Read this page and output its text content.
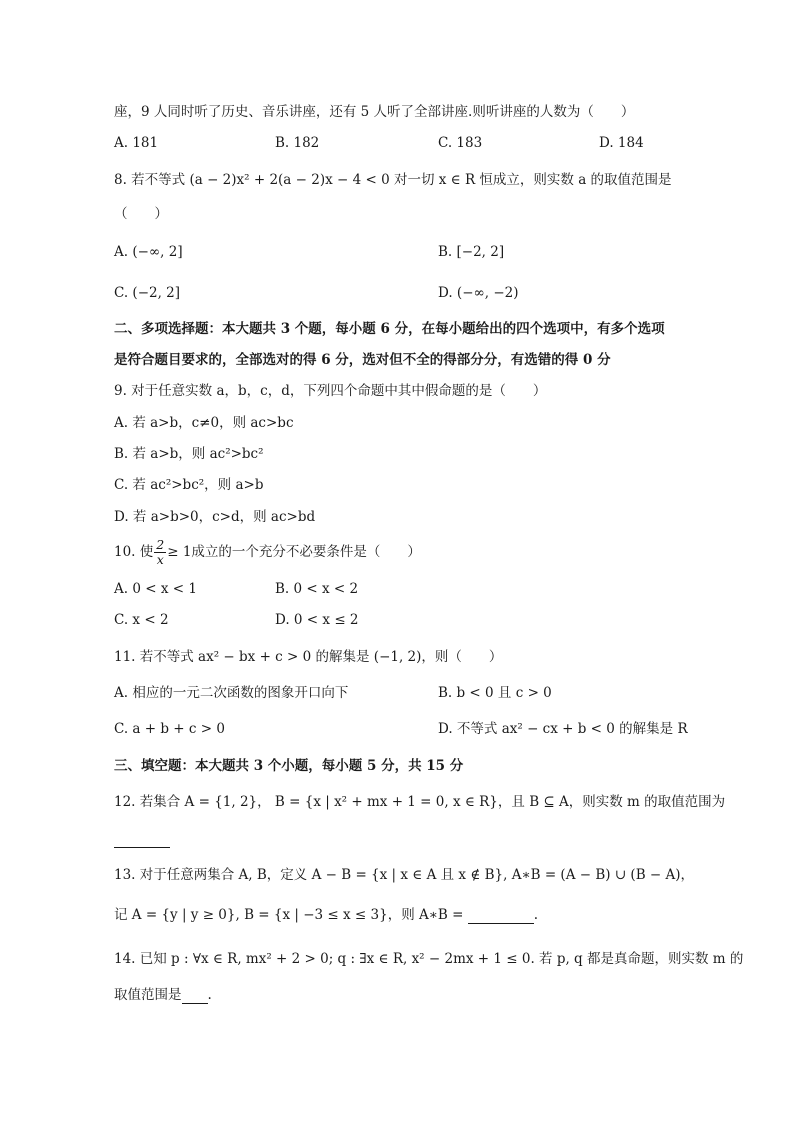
座，9 人同时听了历史、音乐讲座，还有 5 人听了全部讲座.则听讲座的人数为（　　）
A. 181	B. 182	C. 183	D. 184
8. 若不等式 (a − 2)x² + 2(a − 2)x − 4 < 0 对一切 x ∈ R 恒成立，则实数 a 的取值范围是
（　　）
A. (−∞, 2]	B. [−2, 2]
C. (−2, 2]	D. (−∞, −2)
二、多项选择题：本大题共 3 个题，每小题 6 分，在每小题给出的四个选项中，有多个选项
是符合题目要求的，全部选对的得 6 分，选对但不全的得部分分，有选错的得 0 分
9. 对于任意实数 a，b，c，d，下列四个命题中其中假命题的是（　　）
A. 若 a>b，c≠0，则 ac>bc
B. 若 a>b，则 ac²>bc²
C. 若 ac²>bc²，则 a>b
D. 若 a>b>0，c>d，则 ac>bd
10. 使 $\frac{2}{x} \ge 1$成立的一个充分不必要条件是（　　）
A. 0 < x < 1	B. 0 < x < 2
C. x < 2	D. 0 < x ≤ 2
11. 若不等式 ax² − bx + c > 0 的解集是 (−1, 2)，则（　　）
A. 相应的一元二次函数的图象开口向下	B. b < 0 且 c > 0
C. a + b + c > 0	D. 不等式 ax² − cx + b < 0 的解集是 R
三、填空题：本大题共 3 个小题，每小题 5 分，共 15 分
12. 若集合 A = {1, 2}， B = {x | x² + mx + 1 = 0, x ∈ R}，且 B ⊆ A，则实数 m 的取值范围为
13. 对于任意两集合 A, B，定义 A − B = {x | x ∈ A 且 x ∉ B}, A∗B = (A − B) ∪ (B − A)，
记 A = {y | y ≥ 0}, B = {x | −3 ≤ x ≤ 3}，则 A∗B =	.
14. 已知 p : ∀x ∈ R, mx² + 2 > 0; q : ∃x ∈ R, x² − 2mx + 1 ≤ 0. 若 p, q 都是真命题，则实数 m 的
取值范围是 .
